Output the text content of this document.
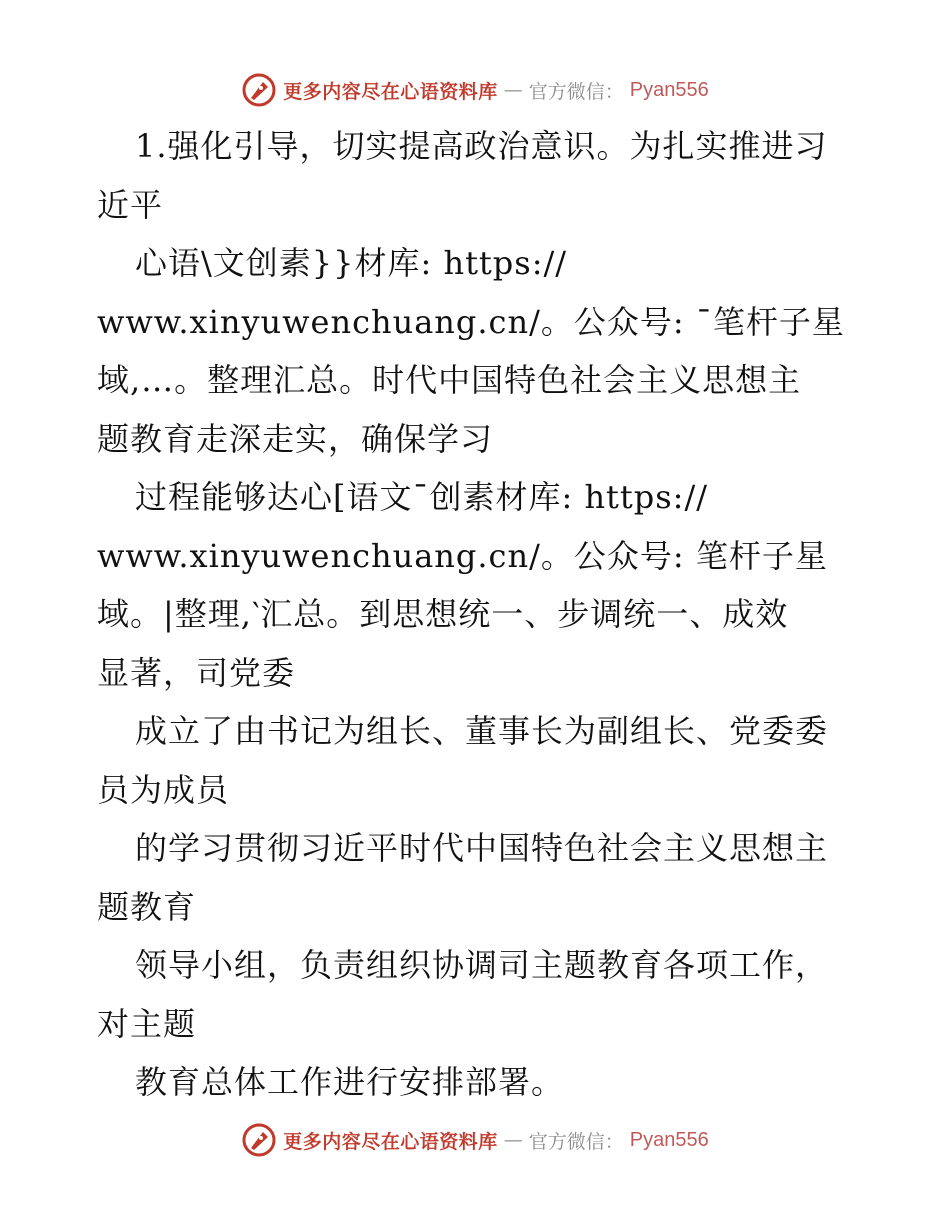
更多内容尽在心语资料库 — 官方微信： Pyan556
1.强化引导，切实提高政治意识。为扎实推进习
近平
心语\文创素}}材库: https://
www.xinyuwenchuang.cn/。公众号: ¯笔杆子星
域,…。整理汇总。时代中国特色社会主义思想主
题教育走深走实，确保学习
过程能够达心[语文¯创素材库: https://
www.xinyuwenchuang.cn/。公众号: 笔杆子星
域。|整理,‵汇总。到思想统一、步调统一、成效
显著，司党委
成立了由书记为组长、董事长为副组长、党委委
员为成员
的学习贯彻习近平时代中国特色社会主义思想主
题教育
领导小组，负责组织协调司主题教育各项工作，
对主题
教育总体工作进行安排部署。
更多内容尽在心语资料库 — 官方微信： Pyan556
